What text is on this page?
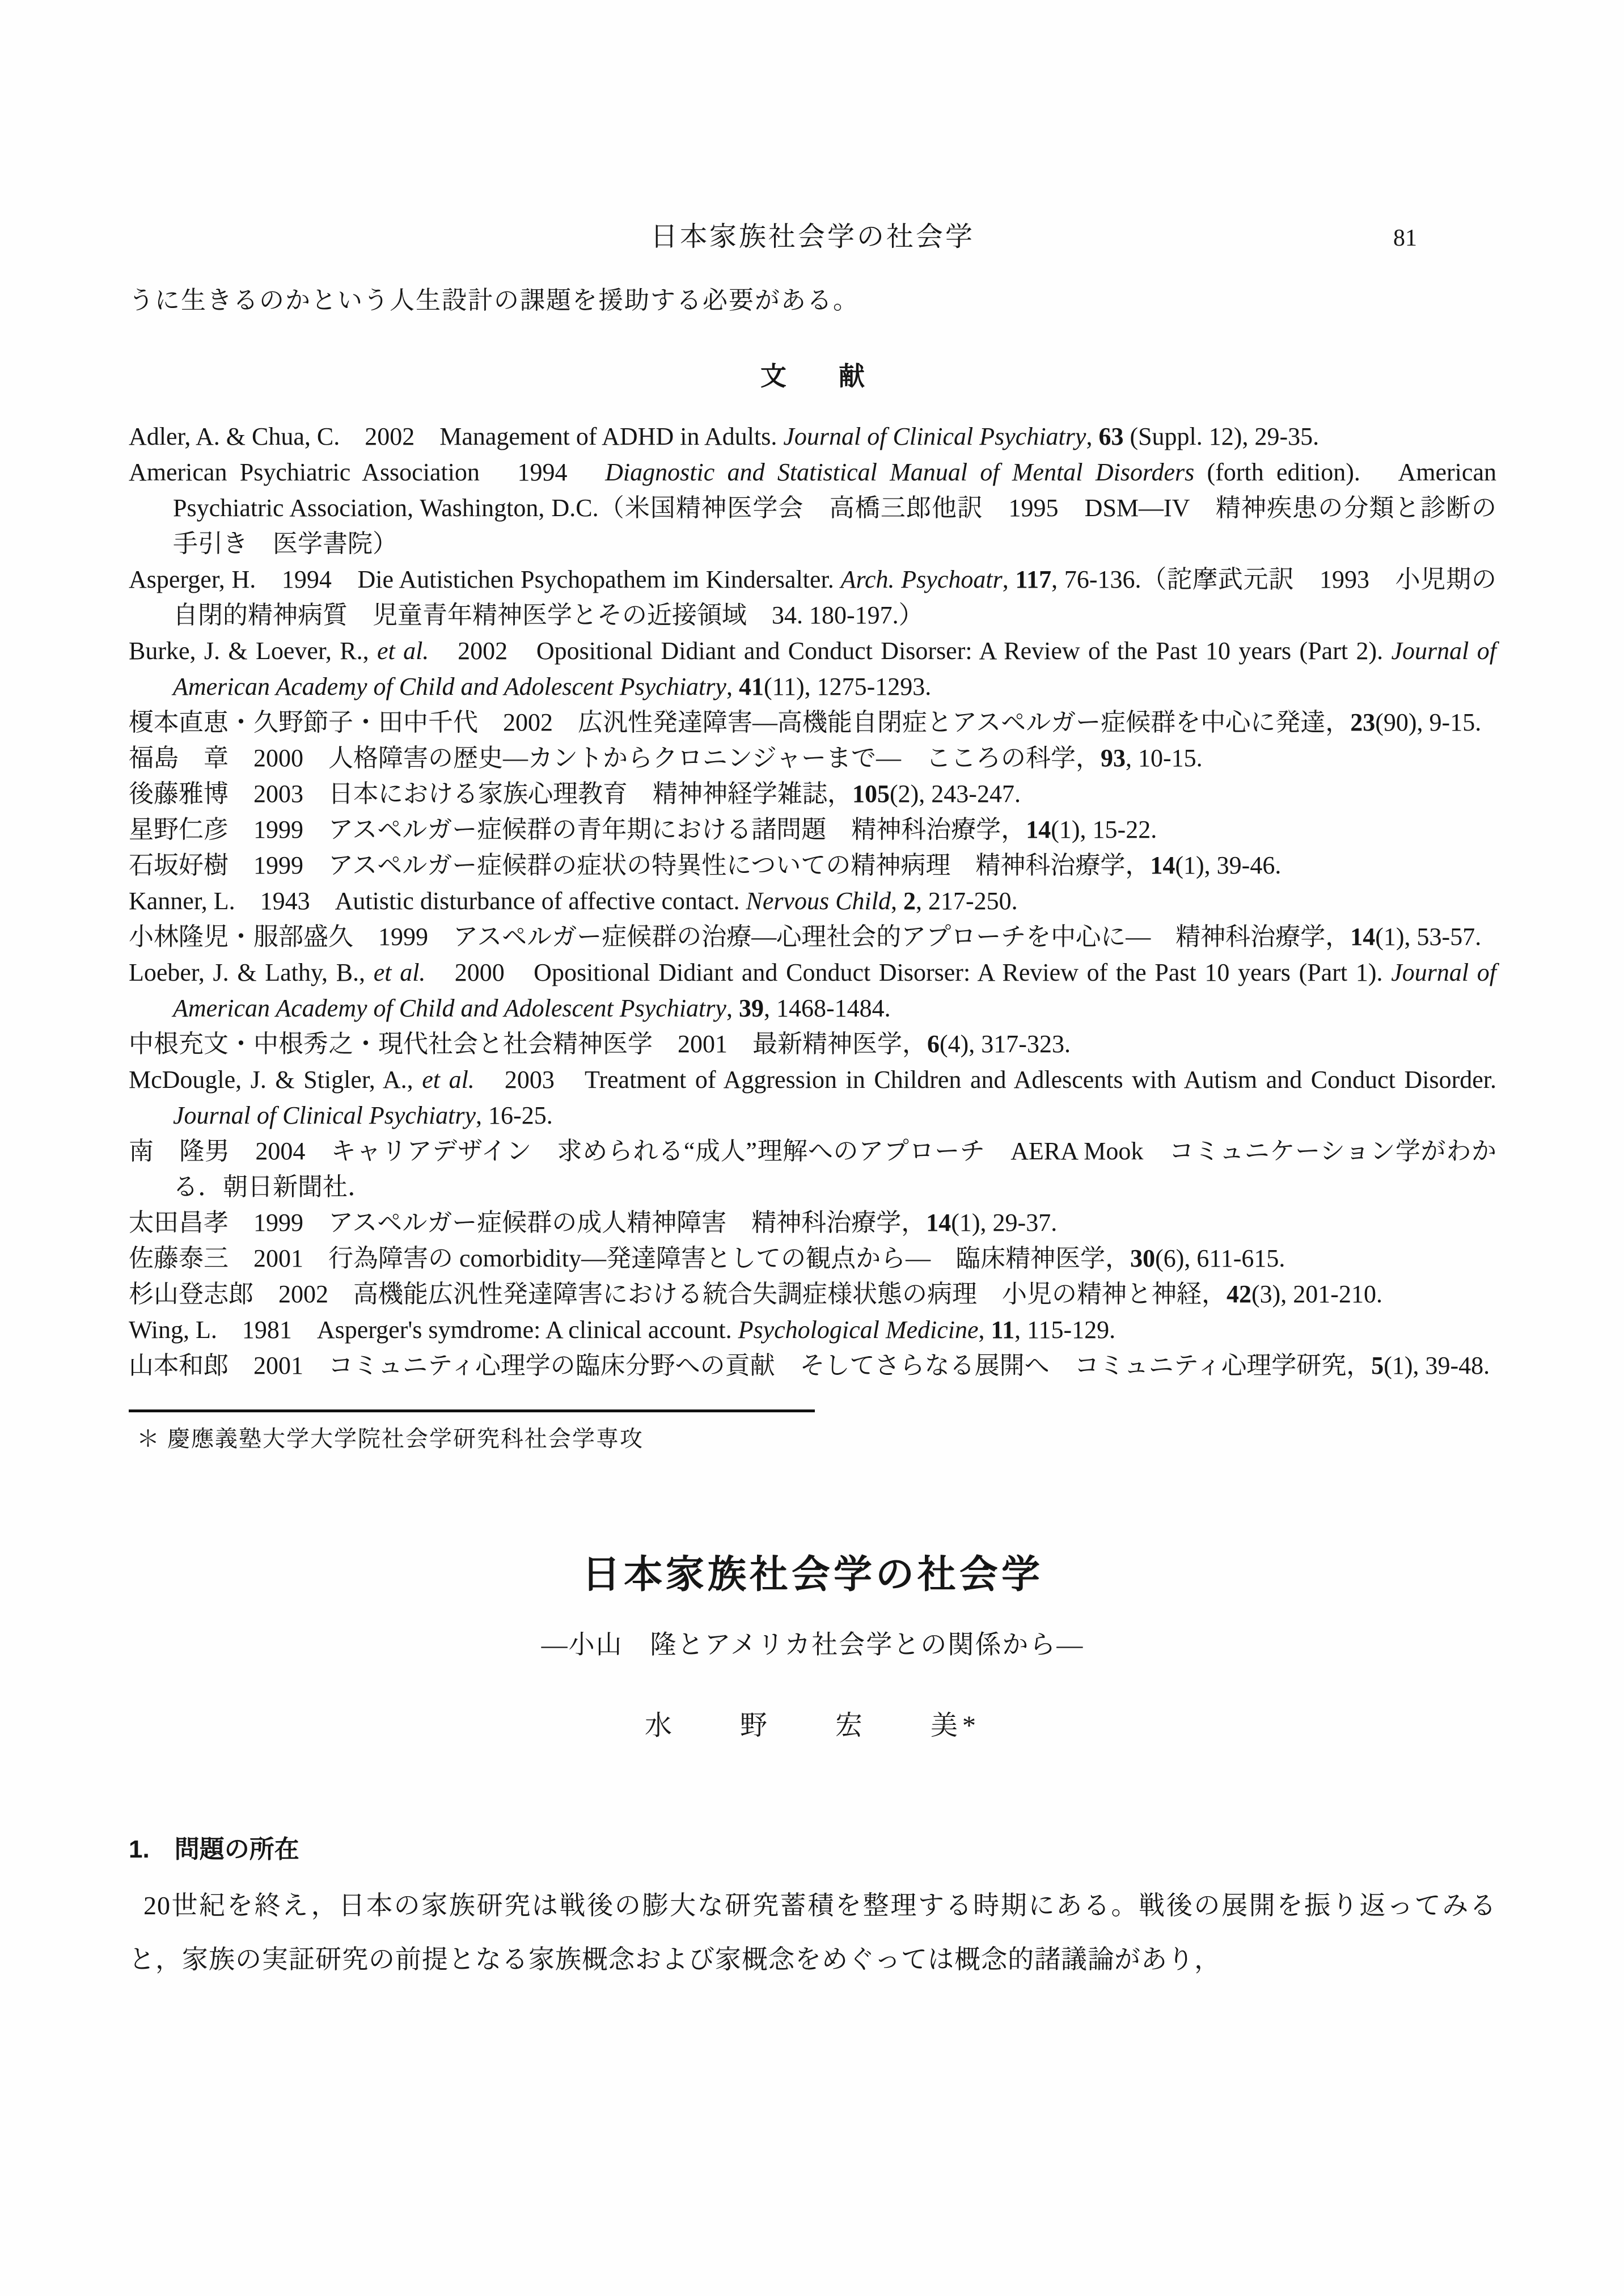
日本家族社会学の社会学	81

うに生きるのかという人生設計の課題を援助する必要がある。

文　　献
Adler, A. & Chua, C.　2002　Management of ADHD in Adults. Journal of Clinical Psychiatry, 63 (Suppl. 12), 29-35.
American Psychiatric Association　1994　Diagnostic and Statistical Manual of Mental Disorders (forth edition).　American Psychiatric Association, Washington, D.C.（米国精神医学会　高橋三郎他訳　1995　DSM―IV　精神疾患の分類と診断の手引き　医学書院）
Asperger, H.　1994　Die Autistichen Psychopathem im Kindersalter. Arch. Psychoatr, 117, 76-136.（詑摩武元訳　1993　小児期の自閉的精神病質　児童青年精神医学とその近接領域　34. 180-197.）
Burke, J. & Loever, R., et al.　2002　Opositional Didiant and Conduct Disorser: A Review of the Past 10 years (Part 2). Journal of American Academy of Child and Adolescent Psychiatry, 41(11), 1275-1293.
榎本直恵・久野節子・田中千代　2002　広汎性発達障害―高機能自閉症とアスペルガー症候群を中心に発達，23(90), 9-15.
福島　章　2000　人格障害の歴史―カントからクロニンジャーまで―　こころの科学，93, 10-15.
後藤雅博　2003　日本における家族心理教育　精神神経学雑誌，105(2), 243-247.
星野仁彦　1999　アスペルガー症候群の青年期における諸問題　精神科治療学，14(1), 15-22.
石坂好樹　1999　アスペルガー症候群の症状の特異性についての精神病理　精神科治療学，14(1), 39-46.
Kanner, L.　1943　Autistic disturbance of affective contact. Nervous Child, 2, 217-250.
小林隆児・服部盛久　1999　アスペルガー症候群の治療―心理社会的アプローチを中心に―　精神科治療学，14(1), 53-57.
Loeber, J. & Lathy, B., et al.　2000　Opositional Didiant and Conduct Disorser: A Review of the Past 10 years (Part 1). Journal of American Academy of Child and Adolescent Psychiatry, 39, 1468-1484.
中根充文・中根秀之・現代社会と社会精神医学　2001　最新精神医学，6(4), 317-323.
McDougle, J. & Stigler, A., et al.　2003　Treatment of Aggression in Children and Adlescents with Autism and Conduct Disorder. Journal of Clinical Psychiatry, 16-25.
南　隆男　2004　キャリアデザイン　求められる“成人”理解へのアプローチ　AERA Mook　コミュニケーション学がわかる．朝日新聞社．
太田昌孝　1999　アスペルガー症候群の成人精神障害　精神科治療学，14(1), 29-37.
佐藤泰三　2001　行為障害の comorbidity―発達障害としての観点から―　臨床精神医学，30(6), 611-615.
杉山登志郎　2002　高機能広汎性発達障害における統合失調症様状態の病理　小児の精神と神経，42(3), 201-210.
Wing, L.　1981　Asperger's symdrome: A clinical account. Psychological Medicine, 11, 115-129.
山本和郎　2001　コミュニティ心理学の臨床分野への貢献　そしてさらなる展開へ　コミュニティ心理学研究，5(1), 39-48.

＊ 慶應義塾大学大学院社会学研究科社会学専攻

日本家族社会学の社会学

―小山　隆とアメリカ社会学との関係から―

水　　野　　宏　　美*

1.　問題の所在

20世紀を終え，日本の家族研究は戦後の膨大な研究蓄積を整理する時期にある。戦後の展開を振り返ってみると，家族の実証研究の前提となる家族概念および家概念をめぐっては概念的諸議論があり，
